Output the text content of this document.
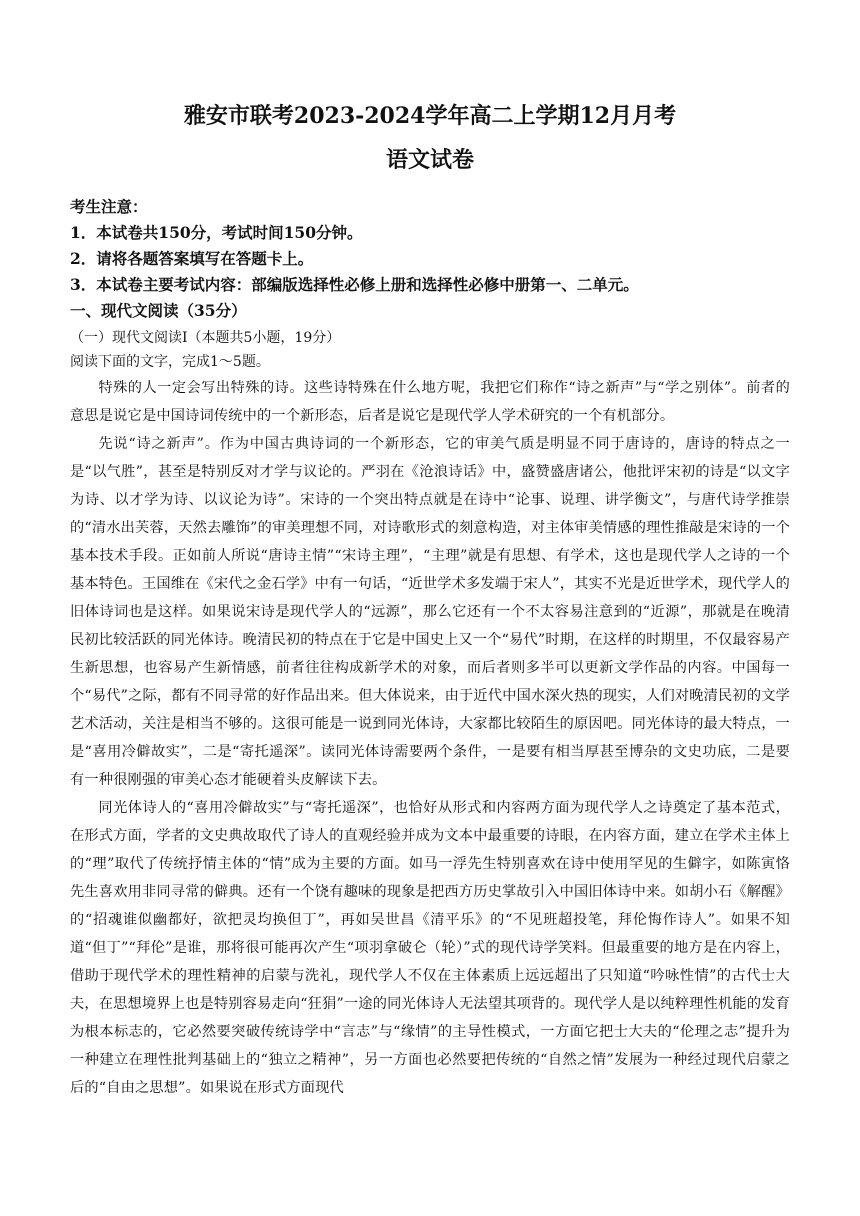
雅安市联考2023-2024学年高二上学期12月月考
语文试卷
考生注意：

1．本试卷共150分，考试时间150分钟。

2．请将各题答案填写在答题卡上。

3．本试卷主要考试内容：部编版选择性必修上册和选择性必修中册第一、二单元。

一、现代文阅读（35分）
（一）现代文阅读Ⅰ（本题共5小题，19分）
阅读下面的文字，完成1～5题。

特殊的人一定会写出特殊的诗。这些诗特殊在什么地方呢，我把它们称作“诗之新声”与“学之别体”。前者的意思是说它是中国诗词传统中的一个新形态，后者是说它是现代学人学术研究的一个有机部分。

先说“诗之新声”。作为中国古典诗词的一个新形态，它的审美气质是明显不同于唐诗的，唐诗的特点之一是“以气胜”，甚至是特别反对才学与议论的。严羽在《沧浪诗话》中，盛赞盛唐诸公，他批评宋初的诗是“以文字为诗、以才学为诗、以议论为诗”。宋诗的一个突出特点就是在诗中“论事、说理、讲学衡文”，与唐代诗学推崇的“清水出芙蓉，天然去雕饰”的审美理想不同，对诗歌形式的刻意构造，对主体审美情感的理性推敲是宋诗的一个基本技术手段。正如前人所说“唐诗主情”“宋诗主理”，“主理”就是有思想、有学术，这也是现代学人之诗的一个基本特色。王国维在《宋代之金石学》中有一句话，“近世学术多发端于宋人”，其实不光是近世学术，现代学人的旧体诗词也是这样。如果说宋诗是现代学人的“远源”，那么它还有一个不太容易注意到的“近源”，那就是在晚清民初比较活跃的同光体诗。晚清民初的特点在于它是中国史上又一个“易代”时期，在这样的时期里，不仅最容易产生新思想，也容易产生新情感，前者往往构成新学术的对象，而后者则多半可以更新文学作品的内容。中国每一个“易代”之际，都有不同寻常的好作品出来。但大体说来，由于近代中国水深火热的现实，人们对晚清民初的文学艺术活动，关注是相当不够的。这很可能是一说到同光体诗，大家都比较陌生的原因吧。同光体诗的最大特点，一是“喜用冷僻故实”，二是“寄托遥深”。读同光体诗需要两个条件，一是要有相当厚甚至博杂的文史功底，二是要有一种很刚强的审美心态才能硬着头皮解读下去。

同光体诗人的“喜用冷僻故实”与“寄托遥深”，也恰好从形式和内容两方面为现代学人之诗奠定了基本范式，在形式方面，学者的文史典故取代了诗人的直观经验并成为文本中最重要的诗眼，在内容方面，建立在学术主体上的“理”取代了传统抒情主体的“情”成为主要的方面。如马一浮先生特别喜欢在诗中使用罕见的生僻字，如陈寅恪先生喜欢用非同寻常的僻典。还有一个饶有趣味的现象是把西方历史掌故引入中国旧体诗中来。如胡小石《解醒》的“招魂谁似幽都好，欲把灵均换但丁”，再如吴世昌《清平乐》的“不见班超投笔，拜伦悔作诗人”。如果不知道“但丁”“拜伦”是谁，那将很可能再次产生“项羽拿破仑（轮）”式的现代诗学笑料。但最重要的地方是在内容上，借助于现代学术的理性精神的启蒙与洗礼，现代学人不仅在主体素质上远远超出了只知道“吟咏性情”的古代士大夫，在思想境界上也是特别容易走向“狂狷”一途的同光体诗人无法望其项背的。现代学人是以纯粹理性机能的发育为根本标志的，它必然要突破传统诗学中“言志”与“缘情”的主导性模式，一方面它把士大夫的“伦理之志”提升为一种建立在理性批判基础上的“独立之精神”，另一方面也必然要把传统的“自然之情”发展为一种经过现代启蒙之后的“自由之思想”。如果说在形式方面现代
